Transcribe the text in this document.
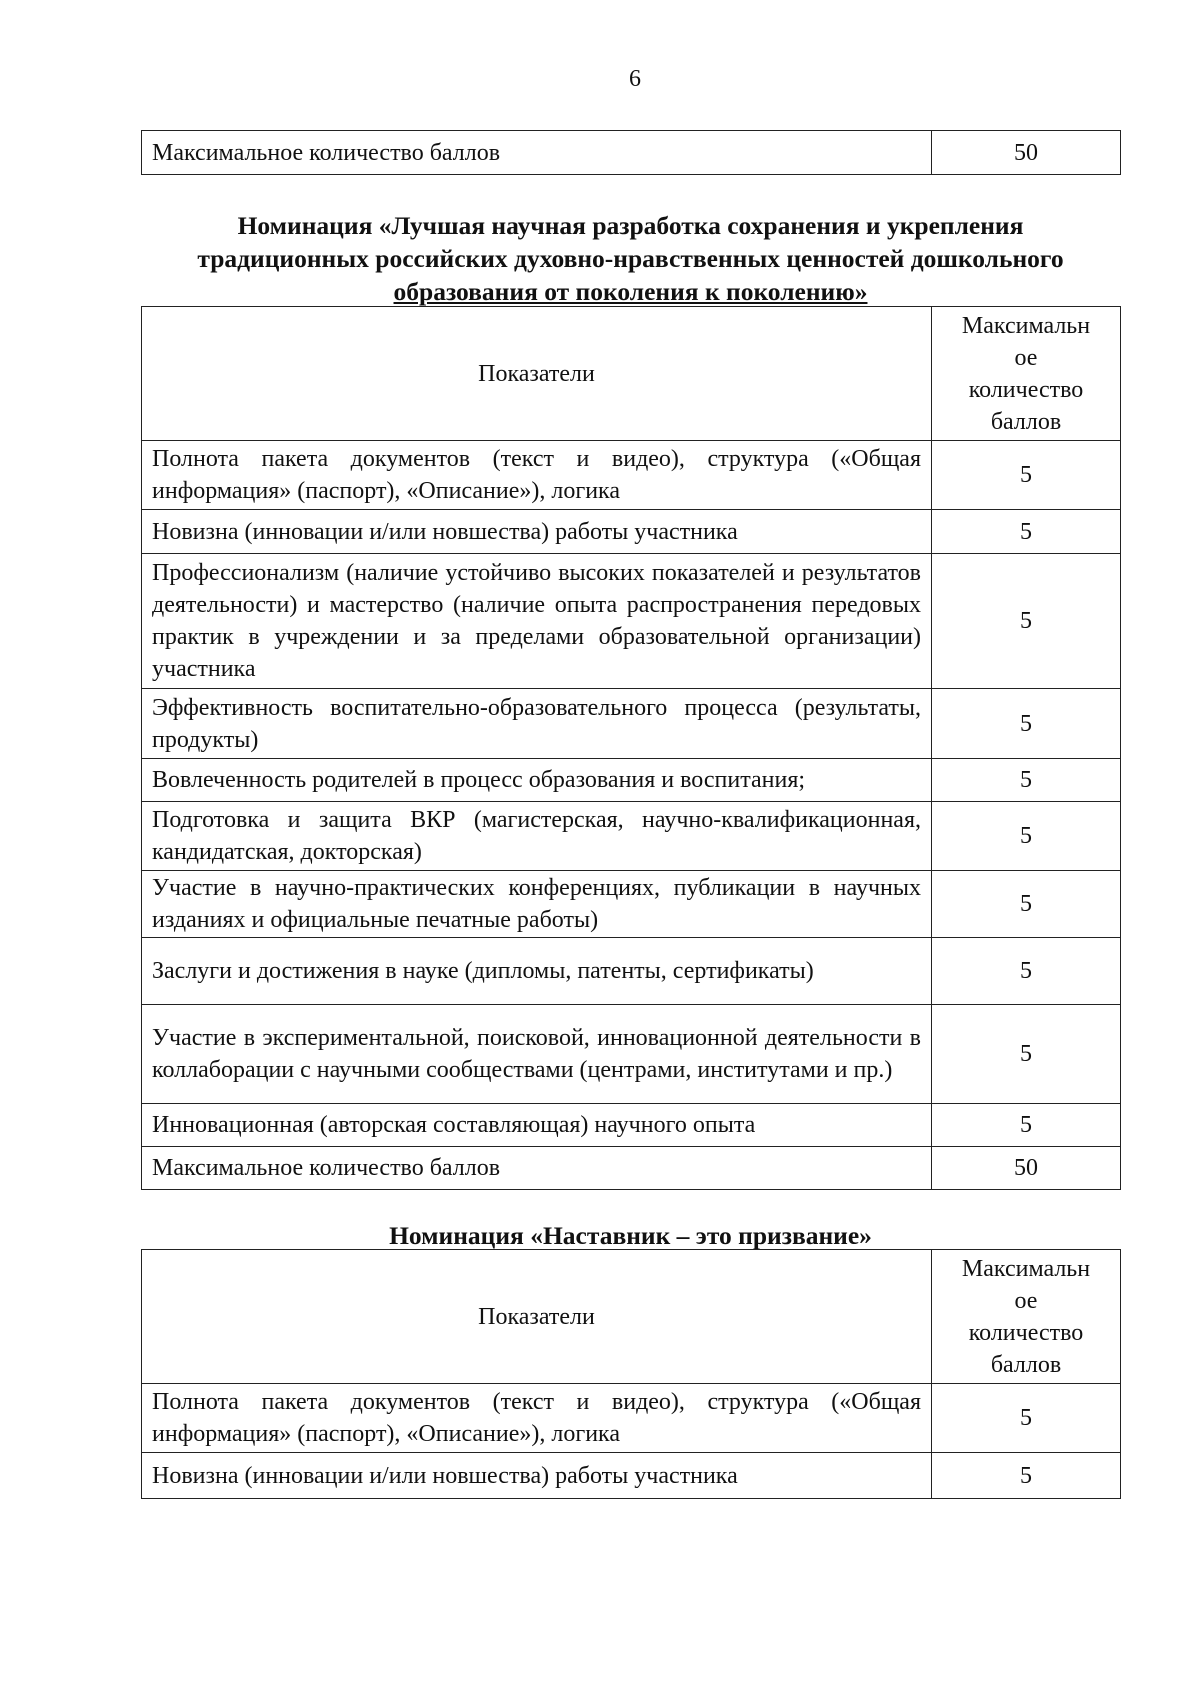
6
Максимальное количество баллов	50
Номинация «Лучшая научная разработка сохранения и укрепления
традиционных российских духовно-нравственных ценностей дошкольного
образования от поколения к поколению»
Показатели	Максимальн
ое
количество
баллов

Полнота пакета документов (текст и видео), структура («Общая информация» (паспорт), «Описание»), логика	5
Новизна (инновации и/или новшества) работы участника	5
Профессионализм (наличие устойчиво высоких показателей и результатов деятельности) и мастерство (наличие опыта распространения передовых практик в учреждении и за пределами образовательной организации) участника	5
Эффективность воспитательно-образовательного процесса (результаты, продукты)	5
Вовлеченность родителей в процесс образования и воспитания;	5
Подготовка и защита ВКР (магистерская, научно-квалификационная, кандидатская, докторская)	5
Участие в научно-практических конференциях, публикации в научных изданиях и официальные печатные работы)	5
Заслуги и достижения в науке (дипломы, патенты, сертификаты)	5
Участие в экспериментальной, поисковой, инновационной деятельности в коллаборации с научными сообществами (центрами, институтами и пр.)	5
Инновационная (авторская составляющая) научного опыта	5
Максимальное количество баллов	50
Номинация «Наставник – это призвание»
Показатели	Максимальн
ое
количество
баллов

Полнота пакета документов (текст и видео), структура («Общая информация» (паспорт), «Описание»), логика	5
Новизна (инновации и/или новшества) работы участника	5
